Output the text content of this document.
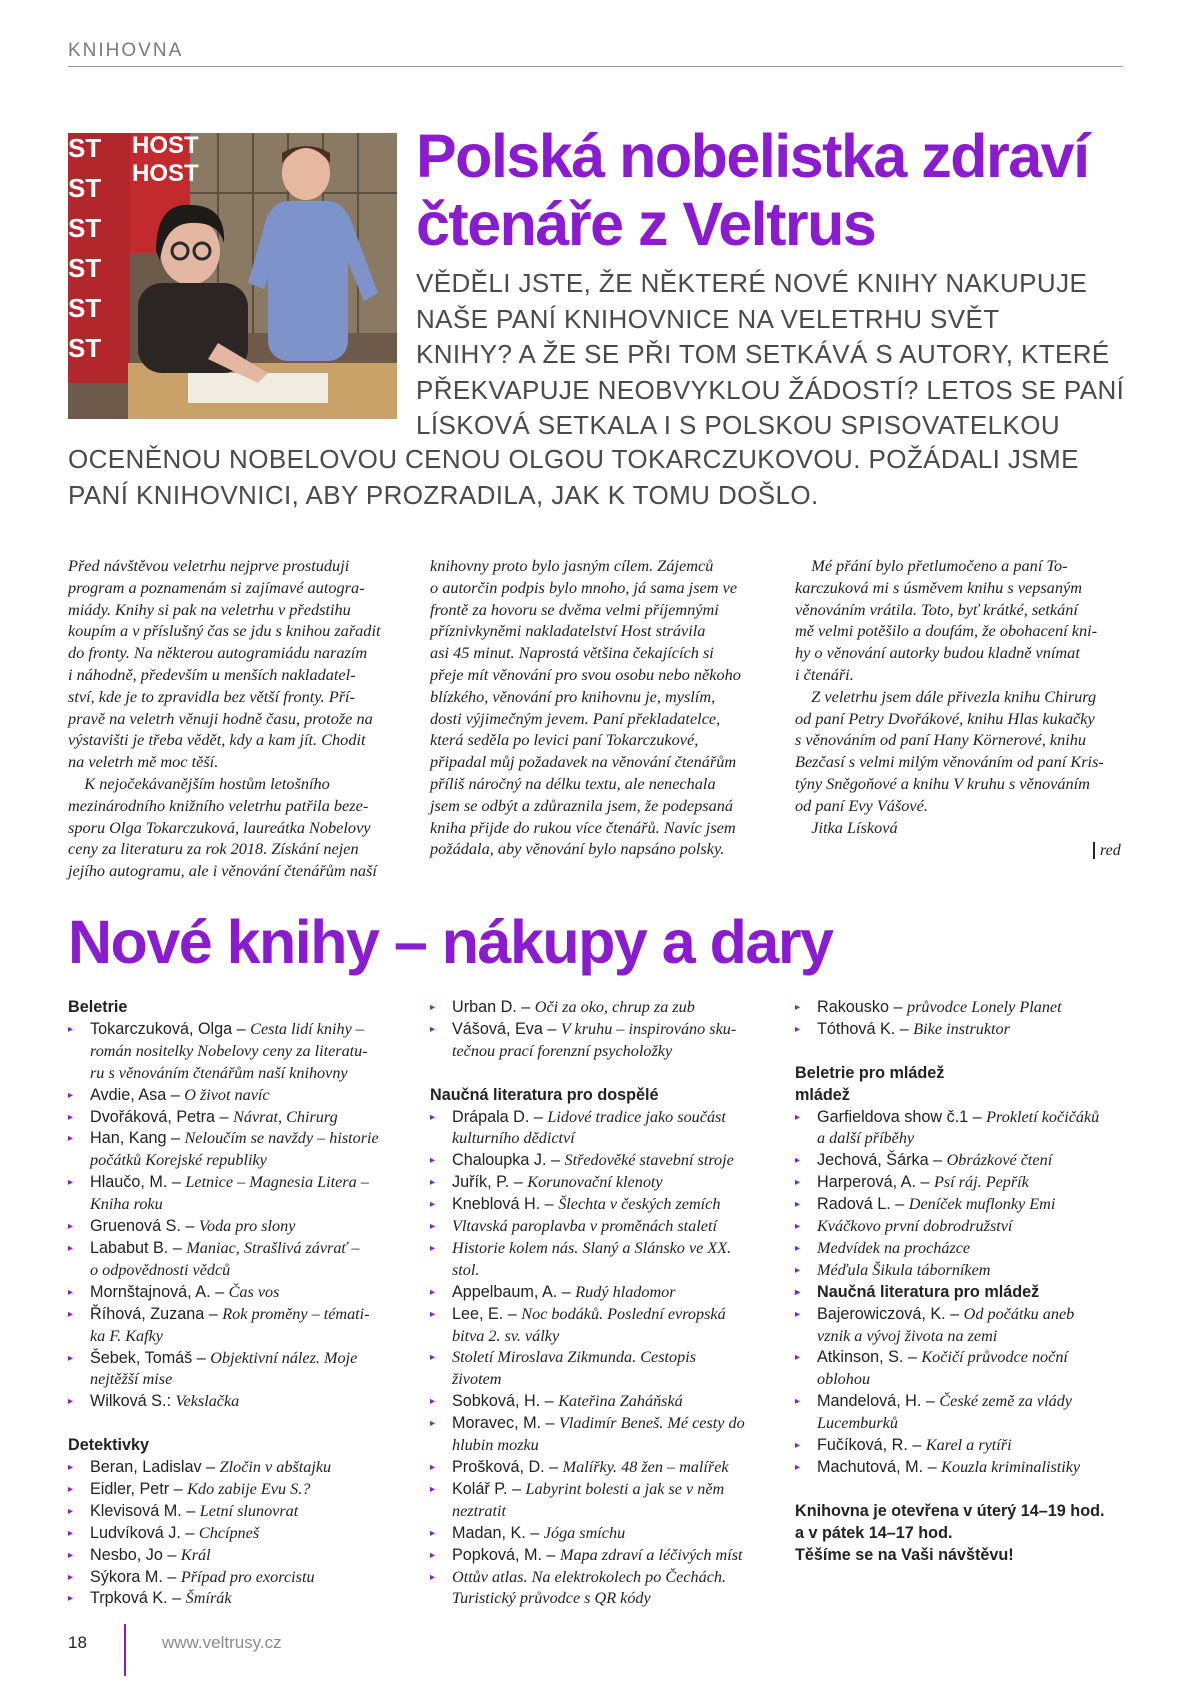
KNIHOVNA
HOST
HOST
ST
ST
ST
ST
ST
ST
Polská nobelistka zdraví
čtenáře z Veltrus
VĚDĚLI JSTE, ŽE NĚKTERÉ NOVÉ KNIHY NAKUPUJE
NAŠE PANÍ KNIHOVNICE NA VELETRHU SVĚT
KNIHY? A ŽE SE PŘI TOM SETKÁVÁ S AUTORY, KTERÉ
PŘEKVAPUJE NEOBVYKLOU ŽÁDOSTÍ? LETOS SE PANÍ
LÍSKOVÁ SETKALA I S POLSKOU SPISOVATELKOU
OCENĚNOU NOBELOVOU CENOU OLGOU TOKARCZUKOVOU. POŽÁDALI JSME
PANÍ KNIHOVNICI, ABY PROZRADILA, JAK K TOMU DOŠLO.
Před návštěvou veletrhu nejprve prostuduji
program a poznamenám si zajímavé autogra-
miády. Knihy si pak na veletrhu v předstihu
koupím a v příslušný čas se jdu s knihou zařadit
do fronty. Na některou autogramiádu narazím
i náhodně, především u menších nakladatel-
ství, kde je to zpravidla bez větší fronty. Pří-
pravě na veletrh věnuji hodně času, protože na
výstavišti je třeba vědět, kdy a kam jít. Chodit
na veletrh mě moc těší.
K nejočekávanějším hostům letošního
mezinárodního knižního veletrhu patřila beze-
sporu Olga Tokarczuková, laureátka Nobelovy
ceny za literaturu za rok 2018. Získání nejen
jejího autogramu, ale i věnování čtenářům naší
knihovny proto bylo jasným cílem. Zájemců
o autorčin podpis bylo mnoho, já sama jsem ve
frontě za hovoru se dvěma velmi příjemnými
příznivkyněmi nakladatelství Host strávila
asi 45 minut. Naprostá většina čekajících si
přeje mít věnování pro svou osobu nebo někoho
blízkého, věnování pro knihovnu je, myslím,
dosti výjimečným jevem. Paní překladatelce,
která seděla po levici paní Tokarczukové,
připadal můj požadavek na věnování čtenářům
příliš náročný na délku textu, ale nenechala
jsem se odbýt a zdůraznila jsem, že podepsaná
kniha přijde do rukou více čtenářů. Navíc jsem
požádala, aby věnování bylo napsáno polsky.
Mé přání bylo přetlumočeno a paní To-
karczuková mi s úsměvem knihu s vepsaným
věnováním vrátila. Toto, byť krátké, setkání
mě velmi potěšilo a doufám, že obohacení kni-
hy o věnování autorky budou kladně vnímat
i čtenáři.
Z veletrhu jsem dále přivezla knihu Chirurg
od paní Petry Dvořákové, knihu Hlas kukačky
s věnováním od paní Hany Körnerové, knihu
Bezčasí s velmi milým věnováním od paní Kris-
týny Sněgoňové a knihu V kruhu s věnováním
od paní Evy Vášové.
Jitka Lísková
red
Nové knihy – nákupy a dary
Beletrie
▸ Tokarczuková, Olga – Cesta lidí knihy –
román nositelky Nobelovy ceny za literatu-
ru s věnováním čtenářům naší knihovny
▸ Avdie, Asa – O život navíc
▸ Dvořáková, Petra – Návrat, Chirurg
▸ Han, Kang – Neloučím se navždy – historie
počátků Korejské republiky
▸ Hlaučo, M. – Letnice – Magnesia Litera –
Kniha roku
▸ Gruenová S. – Voda pro slony
▸ Lababut B. – Maniac, Strašlivá závrať –
o odpovědnosti vědců
▸ Mornštajnová, A. – Čas vos
▸ Říhová, Zuzana – Rok proměny – témati-
ka F. Kafky
▸ Šebek, Tomáš – Objektivní nález. Moje
nejtěžší mise
▸ Wilková S.: Vekslačka
Detektivky
▸ Beran, Ladislav – Zločin v abštajku
▸ Eidler, Petr – Kdo zabije Evu S.?
▸ Klevisová M. – Letní slunovrat
▸ Ludvíková J. – Chcípneš
▸ Nesbo, Jo – Král
▸ Sýkora M. – Případ pro exorcistu
▸ Trpková K. – Šmírák
▸ Urban D. – Oči za oko, chrup za zub
▸ Vášová, Eva – V kruhu – inspirováno sku-
tečnou prací forenzní psycholožky
Naučná literatura pro dospělé
▸ Drápala D. – Lidové tradice jako součást
kulturního dědictví
▸ Chaloupka J. – Středověké stavební stroje
▸ Juřík, P. – Korunovační klenoty
▸ Kneblová H. – Šlechta v českých zemích
▸ Vltavská paroplavba v proměnách staletí
▸ Historie kolem nás. Slaný a Slánsko ve XX.
stol.
▸ Appelbaum, A. – Rudý hladomor
▸ Lee, E. – Noc bodáků. Poslední evropská
bitva 2. sv. války
▸ Století Miroslava Zikmunda. Cestopis
životem
▸ Sobková, H. – Kateřina Zaháňská
▸ Moravec, M. – Vladimír Beneš. Mé cesty do
hlubin mozku
▸ Prošková, D. – Malířky. 48 žen – malířek
▸ Kolář P. – Labyrint bolesti a jak se v něm
neztratit
▸ Madan, K. – Jóga smíchu
▸ Popková, M. – Mapa zdraví a léčivých míst
▸ Ottův atlas. Na elektrokolech po Čechách.
Turistický průvodce s QR kódy
▸ Rakousko – průvodce Lonely Planet
▸ Tóthová K. – Bike instruktor
Beletrie pro mládež
mládež
▸ Garfieldova show č.1 – Prokletí kočičáků
a další příběhy
▸ Jechová, Šárka – Obrázkové čtení
▸ Harperová, A. – Psí ráj. Pepřík
▸ Radová L. – Deníček muflonky Emi
▸ Kváčkovo první dobrodružství
▸ Medvídek na procházce
▸ Méďula Šikula táborníkem
▸ Naučná literatura pro mládež
▸ Bajerowiczová, K. – Od počátku aneb
vznik a vývoj života na zemi
▸ Atkinson, S. – Kočičí průvodce noční
oblohou
▸ Mandelová, H. – České země za vlády
Lucemburků
▸ Fučíková, R. – Karel a rytíři
▸ Machutová, M. – Kouzla kriminalistiky
Knihovna je otevřena v úterý 14–19 hod.
a v pátek 14–17 hod.
Těšíme se na Vaši návštěvu!
18	www.veltrusy.cz
